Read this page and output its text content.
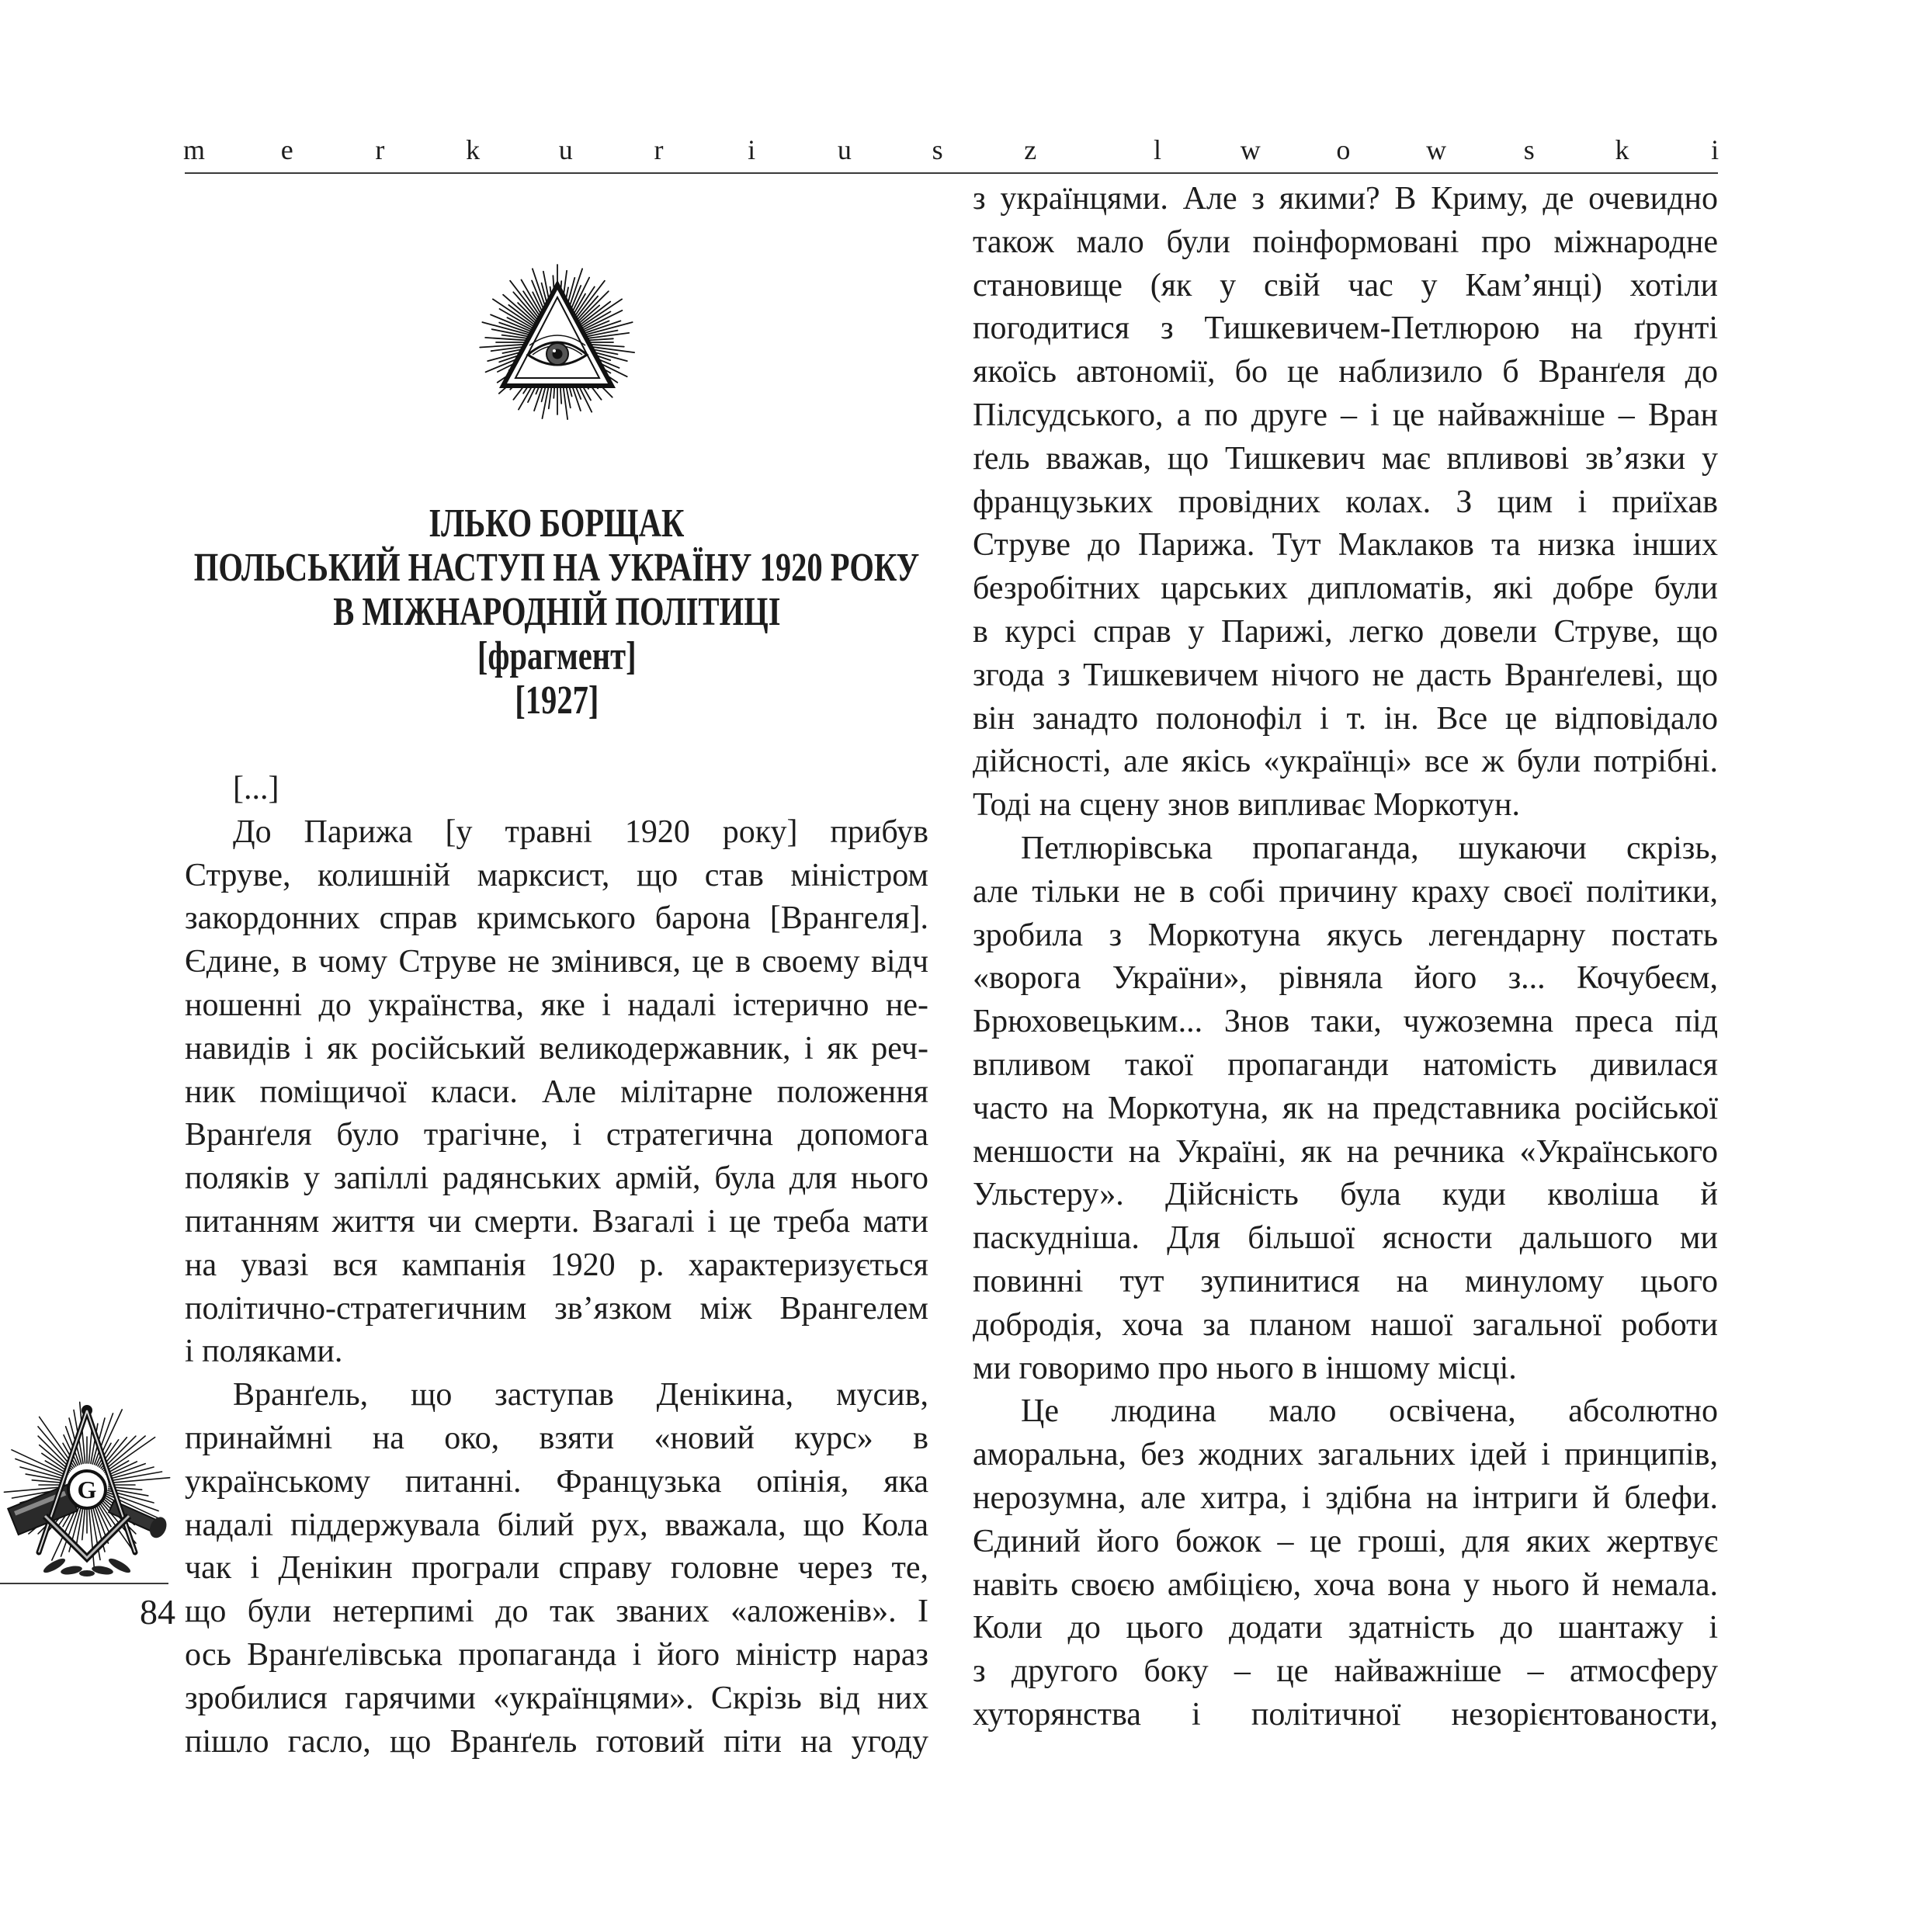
m	e	r	k	u	r	i	u	s	z	l	w	o	w	s	k	i
ІЛЬКО БОРЩАК
ПОЛЬСЬКИЙ НАСТУП НА УКРАЇНУ 1920 РОКУ
В МІЖНАРОДНІЙ ПОЛІТИЦІ
[фрагмент]
[1927]
[...]
До Парижа [у травні 1920 року] прибув
Струве, колишній марксист, що став міністром
закордонних справ кримського барона [Врангеля].
Єдине, в чому Струве не змінився, це в своему відч
ношенні до українства, яке і надалі істерично не-
навидів і як російський великодержавник, і як реч-
ник поміщичої класи. Але мілітарне положення
Вранґеля було трагічне, і стратегична допомога
поляків у запіллі радянських армій, була для нього
питанням життя чи смерти. Взагалі і це треба мати
на увазі вся кампанія 1920 р. характеризується
політично-стратегичним зв’язком між Врангелем
і поляками.
Вранґель, що заступав Денікина, мусив,
принаймні на око, взяти «новий курс» в
українському питанні. Французька опінія, яка
надалі піддержувала білий рух, вважала, що Кола
чак і Денікин програли справу головне через те,
що були нетерпимі до так званих «аложенів». І
ось Вранґелівська пропаганда і його міністр нараз
зробилися гарячими «українцями». Скрізь від них
пішло гасло, що Вранґель готовий піти на угоду
з українцями. Але з якими? В Криму, де очевидно
також мало були поінформовані про міжнародне
становище (як у свій час у Кам’янці) хотіли
погодитися з Тишкевичем-Петлюрою на ґрунті
якоїсь автономії, бо це наблизило б Вранґеля до
Пілсудського, а по друге – і це найважніше – Вран
ґель вважав, що Тишкевич має впливові зв’язки у
французьких провідних колах. З цим і приїхав
Струве до Парижа. Тут Маклаков та низка інших
безробітних царських дипломатів, які добре були
в курсі справ у Парижі, легко довели Струве, що
згода з Тишкевичем нічого не дасть Вранґелеві, що
він занадто полонофіл і т. ін. Все це відповідало
дійсності, але якісь «українці» все ж були потрібні.
Тоді на сцену знов випливає Моркотун.
Петлюрівська пропаганда, шукаючи скрізь,
але тільки не в собі причину краху своєї політики,
зробила з Моркотуна якусь легендарну постать
«ворога України», рівняла його з... Кочубеєм,
Брюховецьким... Знов таки, чужоземна преса під
впливом такої пропаганди натомість дивилася
часто на Моркотуна, як на представника російської
меншости на Україні, як на речника «Українського
Ульстеру». Дійсність була куди кволіша й
паскудніша. Для більшої ясности дальшого ми
повинні тут зупинитися на минулому цього
добродія, хоча за планом нашої загальної роботи
ми говоримо про нього в іншому місці.
Це людина мало освічена, абсолютно
аморальна, без жодних загальних ідей і принципів,
нерозумна, але хитра, і здібна на інтриги й блефи.
Єдиний його божок – це гроші, для яких жертвує
навіть своєю амбіцією, хоча вона у нього й немала.
Коли до цього додати здатність до шантажу і
з другого боку – це найважніше – атмосферу
хуторянства і політичної незорієнтованости,
G
84
